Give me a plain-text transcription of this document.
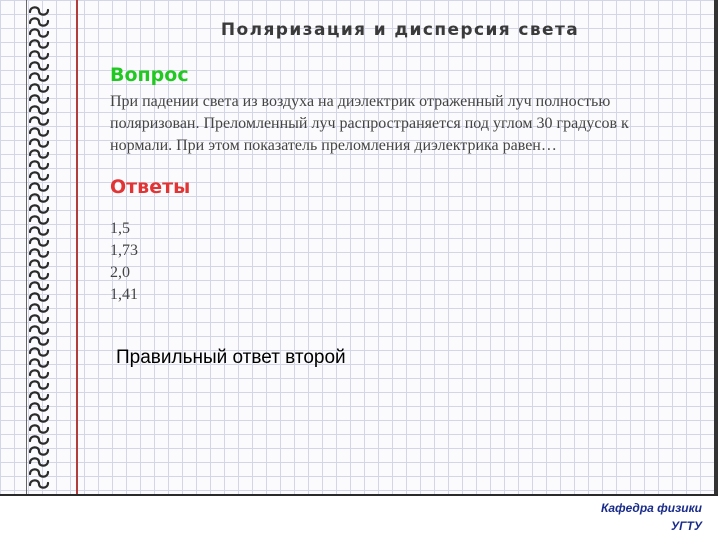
Поляризация и дисперсия света
Вопрос
При падении света из воздуха на диэлектрик отраженный луч полностью поляризован. Преломленный луч распространяется под углом 30 градусов к нормали. При этом показатель преломления диэлектрика равен…
Ответы
1,5
1,73
2,0
1,41
Правильный ответ второй
Кафедра физики
УГТУ
